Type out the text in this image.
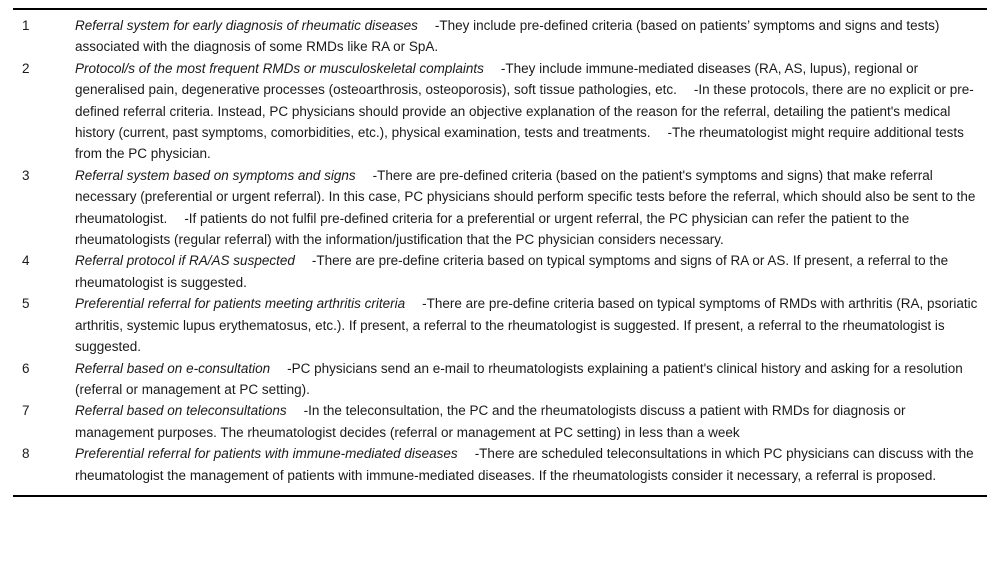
1	Referral system for early diagnosis of rheumatic diseases -They include pre-defined criteria (based on patients’ symptoms and signs and tests) associated with the diagnosis of some RMDs like RA or SpA.
2	Protocol/s of the most frequent RMDs or musculoskeletal complaints -They include immune-mediated diseases (RA, AS, lupus), regional or generalised pain, degenerative processes (osteoarthrosis, osteoporosis), soft tissue pathologies, etc. -In these protocols, there are no explicit or pre-defined referral criteria. Instead, PC physicians should provide an objective explanation of the reason for the referral, detailing the patient's medical history (current, past symptoms, comorbidities, etc.), physical examination, tests and treatments. -The rheumatologist might require additional tests from the PC physician.
3	Referral system based on symptoms and signs -There are pre-defined criteria (based on the patient's symptoms and signs) that make referral necessary (preferential or urgent referral). In this case, PC physicians should perform specific tests before the referral, which should also be sent to the rheumatologist. -If patients do not fulfil pre-defined criteria for a preferential or urgent referral, the PC physician can refer the patient to the rheumatologists (regular referral) with the information/justification that the PC physician considers necessary.
4	Referral protocol if RA/AS suspected -There are pre-define criteria based on typical symptoms and signs of RA or AS. If present, a referral to the rheumatologist is suggested.
5	Preferential referral for patients meeting arthritis criteria -There are pre-define criteria based on typical symptoms of RMDs with arthritis (RA, psoriatic arthritis, systemic lupus erythematosus, etc.). If present, a referral to the rheumatologist is suggested. If present, a referral to the rheumatologist is suggested.
6	Referral based on e-consultation -PC physicians send an e-mail to rheumatologists explaining a patient's clinical history and asking for a resolution (referral or management at PC setting).
7	Referral based on teleconsultations -In the teleconsultation, the PC and the rheumatologists discuss a patient with RMDs for diagnosis or management purposes. The rheumatologist decides (referral or management at PC setting) in less than a week
8	Preferential referral for patients with immune-mediated diseases -There are scheduled teleconsultations in which PC physicians can discuss with the rheumatologist the management of patients with immune-mediated diseases. If the rheumatologists consider it necessary, a referral is proposed.
